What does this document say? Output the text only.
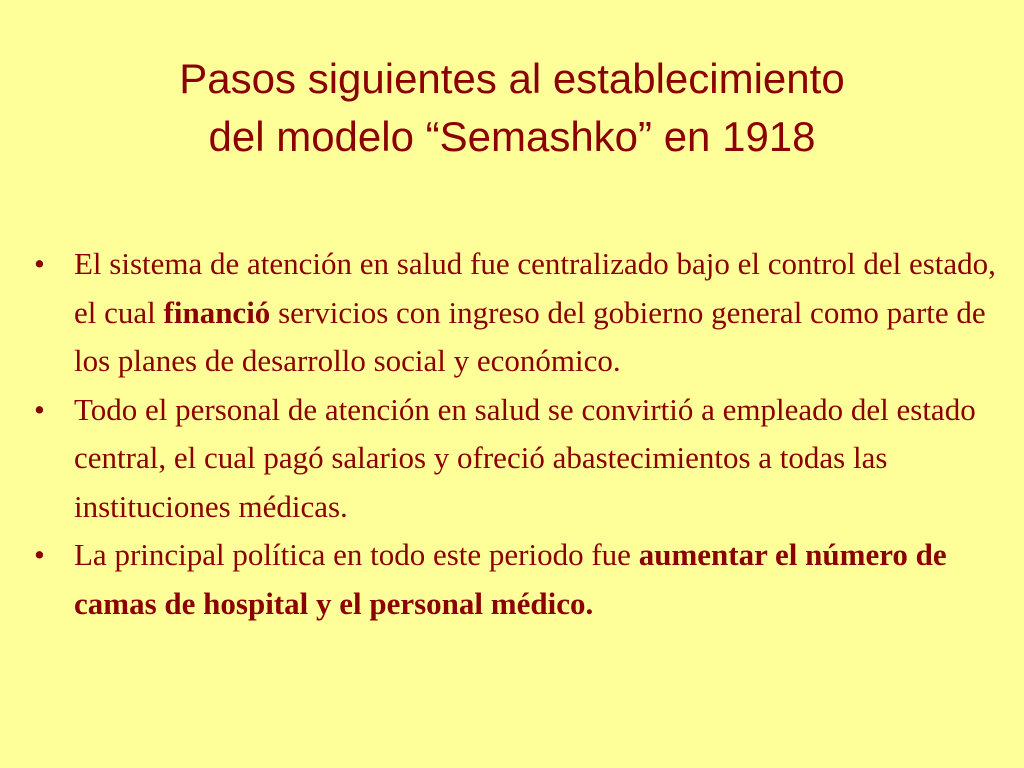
Pasos siguientes al establecimiento
del modelo “Semashko” en 1918
• El sistema de atención en salud fue centralizado bajo el control del estado, el cual financió servicios con ingreso del gobierno general como parte de los planes de desarrollo social y económico.
• Todo el personal de atención en salud se convirtió a empleado del estado central, el cual pagó salarios y ofreció abastecimientos a todas las instituciones médicas.
• La principal política en todo este periodo fue aumentar el número de camas de hospital y el personal médico.
